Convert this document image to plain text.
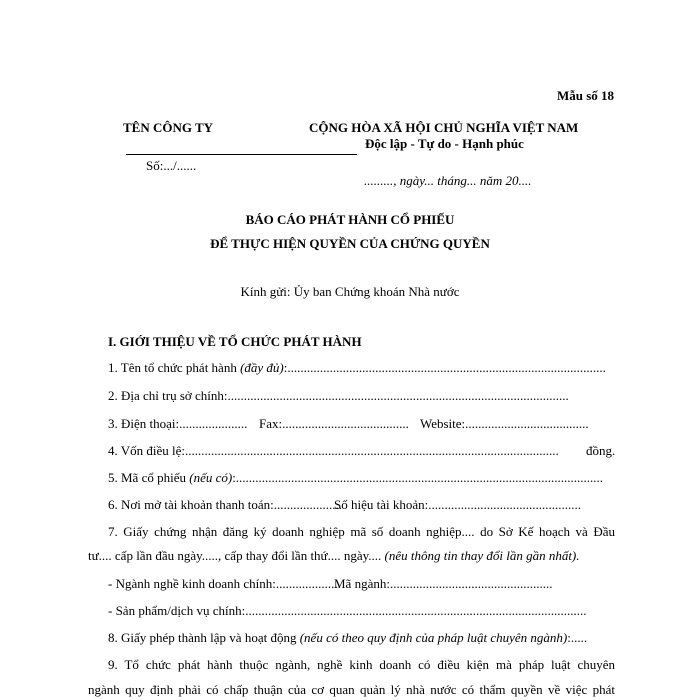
Mẫu số 18
TÊN CÔNG TY
Số:.../......
CỘNG HÒA XÃ HỘI CHỦ NGHĨA VIỆT NAM
Độc lập - Tự do - Hạnh phúc
........., ngày... tháng... năm 20....
BÁO CÁO PHÁT HÀNH CỔ PHIẾU
ĐỂ THỰC HIỆN QUYỀN CỦA CHỨNG QUYỀN
Kính gửi: Ủy ban Chứng khoán Nhà nước
I. GIỚI THIỆU VỀ TỔ CHỨC PHÁT HÀNH
1. Tên tổ chức phát hành (đầy đủ):..................................................................................................
2. Địa chỉ trụ sở chính:.........................................................................................................
3. Điện thoại:..................... Fax:....................................... Website:......................................
4. Vốn điều lệ:................................................................................................................... đồng.
5. Mã cổ phiếu (nếu có):.................................................................................................................
6. Nơi mở tài khoản thanh toán:.....................
Số hiệu tài khoản:...............................................
7. Giấy chứng nhận đăng ký doanh nghiệp mã số doanh nghiệp.... do Sở Kế hoạch và Đầu
tư.... cấp lần đầu ngày....., cấp thay đổi lần thứ.... ngày.... (nêu thông tin thay đổi lần gần nhất).
- Ngành nghề kinh doanh chính:....................
Mã ngành:..................................................
- Sản phẩm/dịch vụ chính:.........................................................................................................
8. Giấy phép thành lập và hoạt động (nếu có theo quy định của pháp luật chuyên ngành):.....
9. Tổ chức phát hành thuộc ngành, nghề kinh doanh có điều kiện mà pháp luật chuyên
ngành quy định phải có chấp thuận của cơ quan quản lý nhà nước có thẩm quyền về việc phát
